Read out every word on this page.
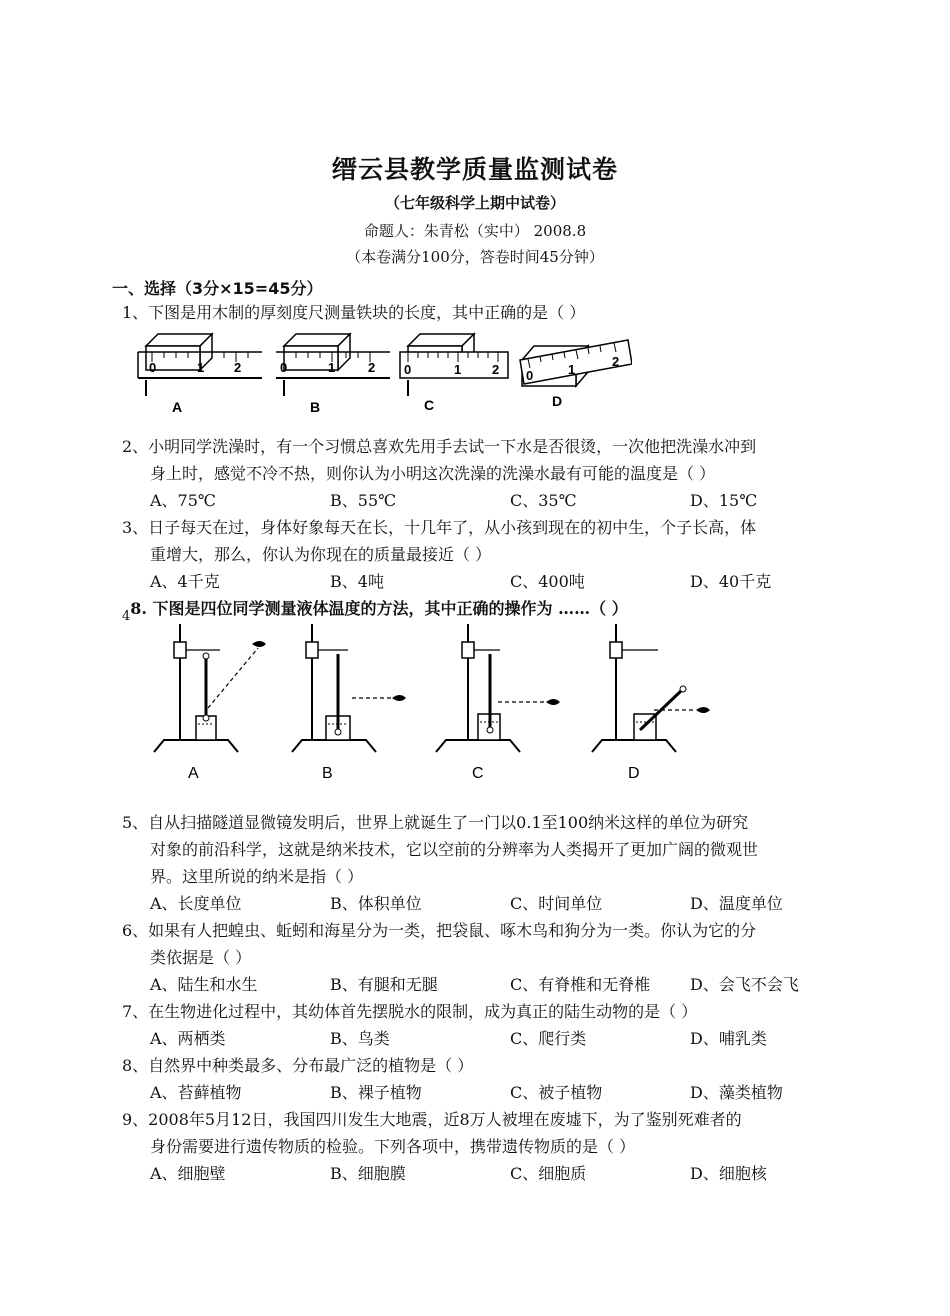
缙云县教学质量监测试卷
（七年级科学上期中试卷）
命题人：朱青松（实中） 2008.8
（本卷满分100分，答卷时间45分钟）
一、选择（3分×15=45分）
1、下图是用木制的厚刻度尺测量铁块的长度，其中正确的是（ ）
0	1 2
A
0	1	2
B
0	1 2
C
0	1
2
D
2、小明同学洗澡时，有一个习惯总喜欢先用手去试一下水是否很烫，一次他把洗澡水冲到
身上时，感觉不冷不热，则你认为小明这次洗澡的洗澡水最有可能的温度是（ ）
A、75℃	B、55℃	C、35℃	D、15℃
3、日子每天在过，身体好象每天在长，十几年了，从小孩到现在的初中生，个子长高，体
重增大，那么，你认为你现在的质量最接近（ ）
A、4千克	B、4吨	C、400吨	D、40千克
$_4$8. 下图是四位同学测量液体温度的方法，其中正确的操作为 ……（ ）
A	B	C	D
5、自从扫描隧道显微镜发明后，世界上就诞生了一门以0.1至100纳米这样的单位为研究
对象的前沿科学，这就是纳米技术，它以空前的分辨率为人类揭开了更加广阔的微观世
界。这里所说的纳米是指（ ）
A、长度单位	B、体积单位	C、时间单位	D、温度单位
6、如果有人把蝗虫、蚯蚓和海星分为一类，把袋鼠、啄木鸟和狗分为一类。你认为它的分
类依据是（ ）
A、陆生和水生	B、有腿和无腿	C、有脊椎和无脊椎 D、会飞不会飞
7、在生物进化过程中，其幼体首先摆脱水的限制，成为真正的陆生动物的是（ ）
A、两栖类	B、鸟类	C、爬行类	D、哺乳类
8、自然界中种类最多、分布最广泛的植物是（ ）
A、苔藓植物	B、裸子植物	C、被子植物	D、藻类植物
9、2008年5月12日，我国四川发生大地震，近8万人被埋在废墟下，为了鉴别死难者的
身份需要进行遗传物质的检验。下列各项中，携带遗传物质的是（ ）
A、细胞壁	B、细胞膜	C、细胞质	D、细胞核
